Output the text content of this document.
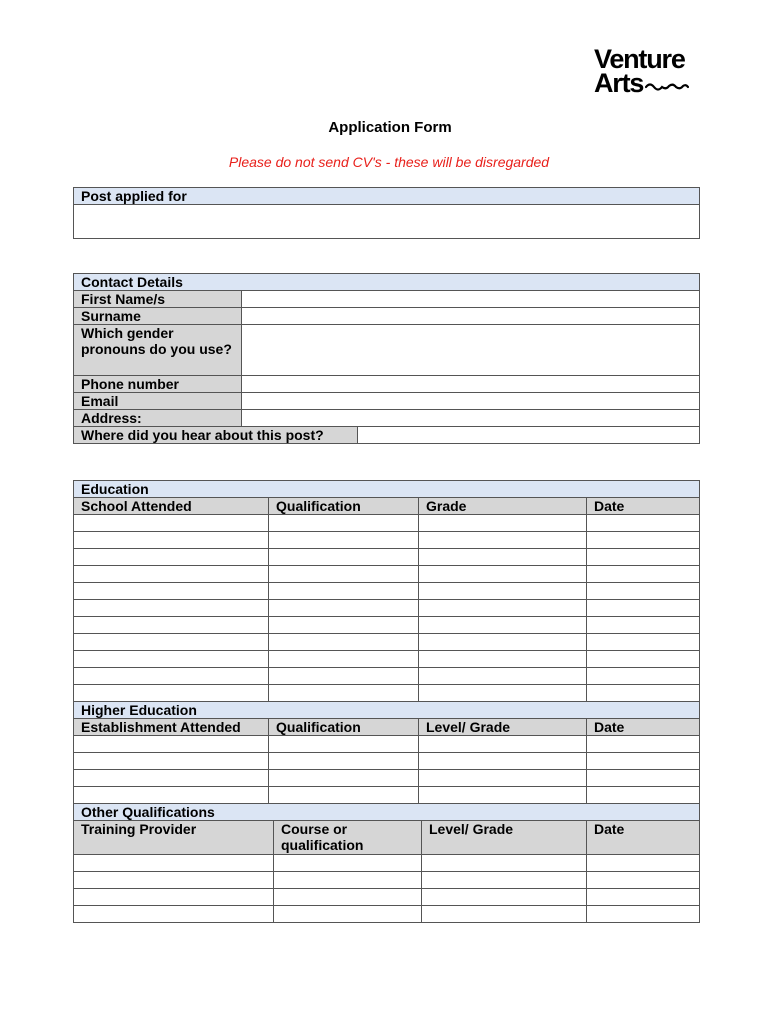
Venture
Arts
Application Form
Please do not send CV's - these will be disregarded
Post applied for

Contact Details		
First Name/s		
Surname		
Which gender pronouns do you use?		
Phone number		
Email		
Address:		
Where did you hear about this post?		
Education					
School Attended	Qualification		Grade		Date

Higher Education					
Establishment Attended	Qualification		Level/ Grade		Date

Other Qualifications					
Training Provider		Course or qualification		Level/ Grade	Date
